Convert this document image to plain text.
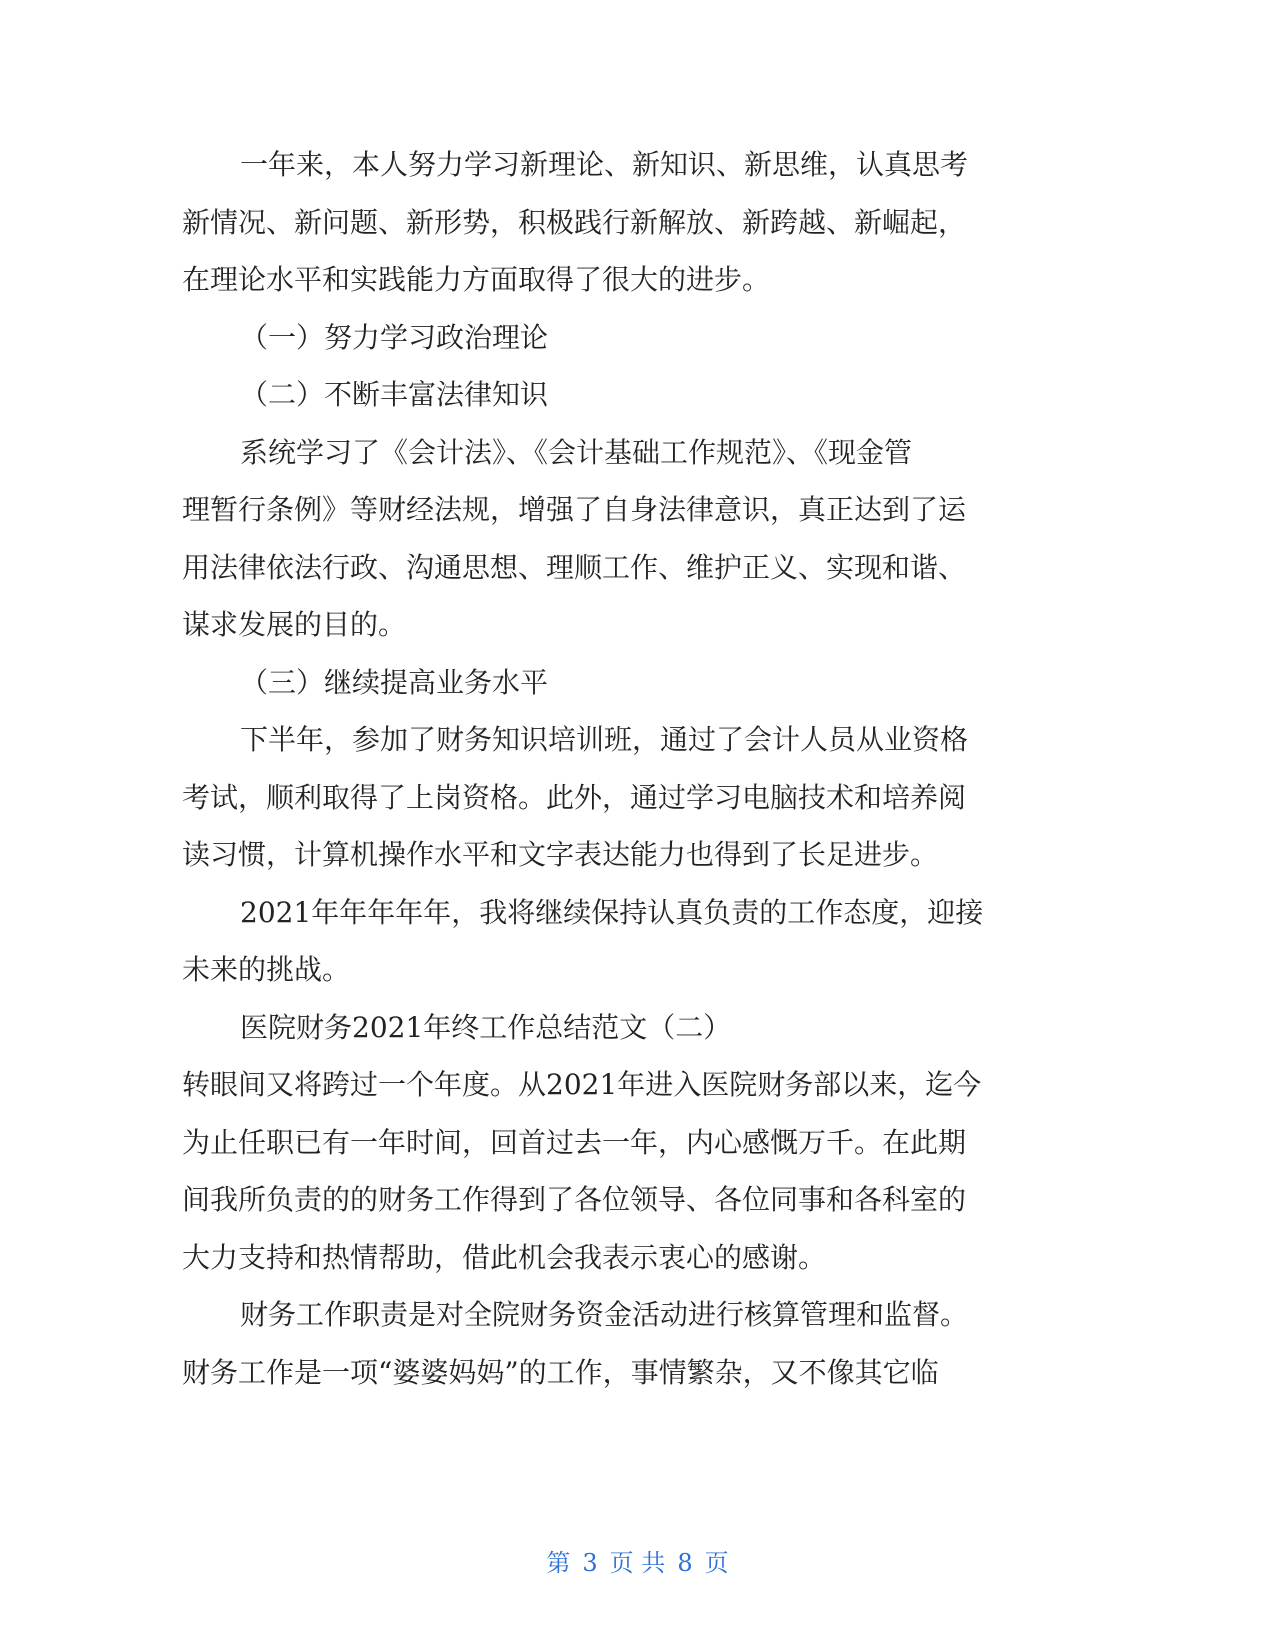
一年来，本人努力学习新理论、新知识、新思维，认真思考
新情况、新问题、新形势，积极践行新解放、新跨越、新崛起，
在理论水平和实践能力方面取得了很大的进步。
（一）努力学习政治理论
（二）不断丰富法律知识
系统学习了《会计法》、《会计基础工作规范》、《现金管
理暂行条例》等财经法规，增强了自身法律意识，真正达到了运
用法律依法行政、沟通思想、理顺工作、维护正义、实现和谐、
谋求发展的目的。
（三）继续提高业务水平
下半年，参加了财务知识培训班，通过了会计人员从业资格
考试，顺利取得了上岗资格。此外，通过学习电脑技术和培养阅
读习惯，计算机操作水平和文字表达能力也得到了长足进步。
2021年年年年年，我将继续保持认真负责的工作态度，迎接
未来的挑战。
医院财务2021年终工作总结范文（二）
转眼间又将跨过一个年度。从2021年进入医院财务部以来，迄今
为止任职已有一年时间，回首过去一年，内心感慨万千。在此期
间我所负责的的财务工作得到了各位领导、各位同事和各科室的
大力支持和热情帮助，借此机会我表示衷心的感谢。
财务工作职责是对全院财务资金活动进行核算管理和监督。
财务工作是一项“婆婆妈妈”的工作，事情繁杂，又不像其它临
第 3 页 共 8 页
